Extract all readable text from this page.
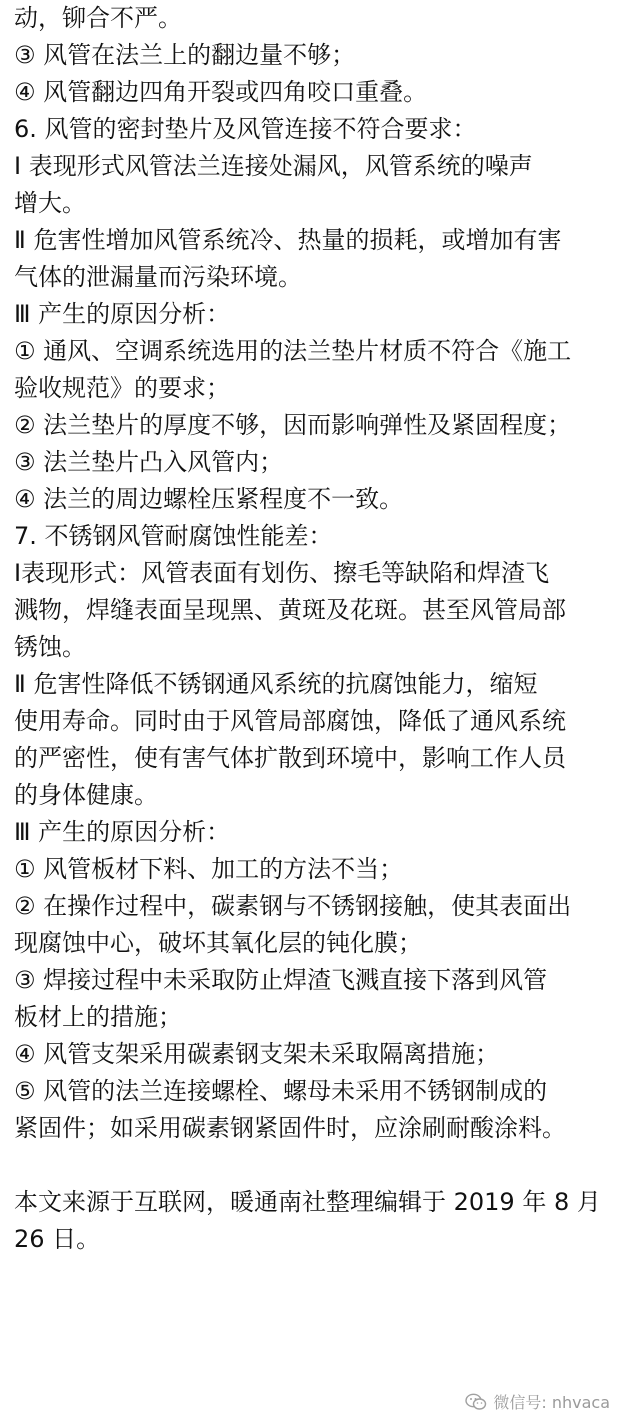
动，铆合不严。
③ 风管在法兰上的翻边量不够；
④ 风管翻边四角开裂或四角咬口重叠。
6. 风管的密封垫片及风管连接不符合要求：
Ⅰ 表现形式风管法兰连接处漏风，风管系统的噪声
增大。
Ⅱ 危害性增加风管系统冷、热量的损耗，或增加有害
气体的泄漏量而污染环境。
Ⅲ 产生的原因分析：
① 通风、空调系统选用的法兰垫片材质不符合《施工
验收规范》的要求；
② 法兰垫片的厚度不够，因而影响弹性及紧固程度；
③ 法兰垫片凸入风管内；
④ 法兰的周边螺栓压紧程度不一致。
7. 不锈钢风管耐腐蚀性能差：
Ⅰ表现形式：风管表面有划伤、擦毛等缺陷和焊渣飞
溅物，焊缝表面呈现黑、黄斑及花斑。甚至风管局部
锈蚀。
Ⅱ 危害性降低不锈钢通风系统的抗腐蚀能力，缩短
使用寿命。同时由于风管局部腐蚀，降低了通风系统
的严密性，使有害气体扩散到环境中，影响工作人员
的身体健康。
Ⅲ 产生的原因分析：
① 风管板材下料、加工的方法不当；
② 在操作过程中，碳素钢与不锈钢接触，使其表面出
现腐蚀中心，破坏其氧化层的钝化膜；
③ 焊接过程中未采取防止焊渣飞溅直接下落到风管
板材上的措施；
④ 风管支架采用碳素钢支架未采取隔离措施；
⑤ 风管的法兰连接螺栓、螺母未采用不锈钢制成的
紧固件；如采用碳素钢紧固件时，应涂刷耐酸涂料。
本文来源于互联网，暖通南社整理编辑于 2019 年 8 月
26 日。
微信号: nhvaca
